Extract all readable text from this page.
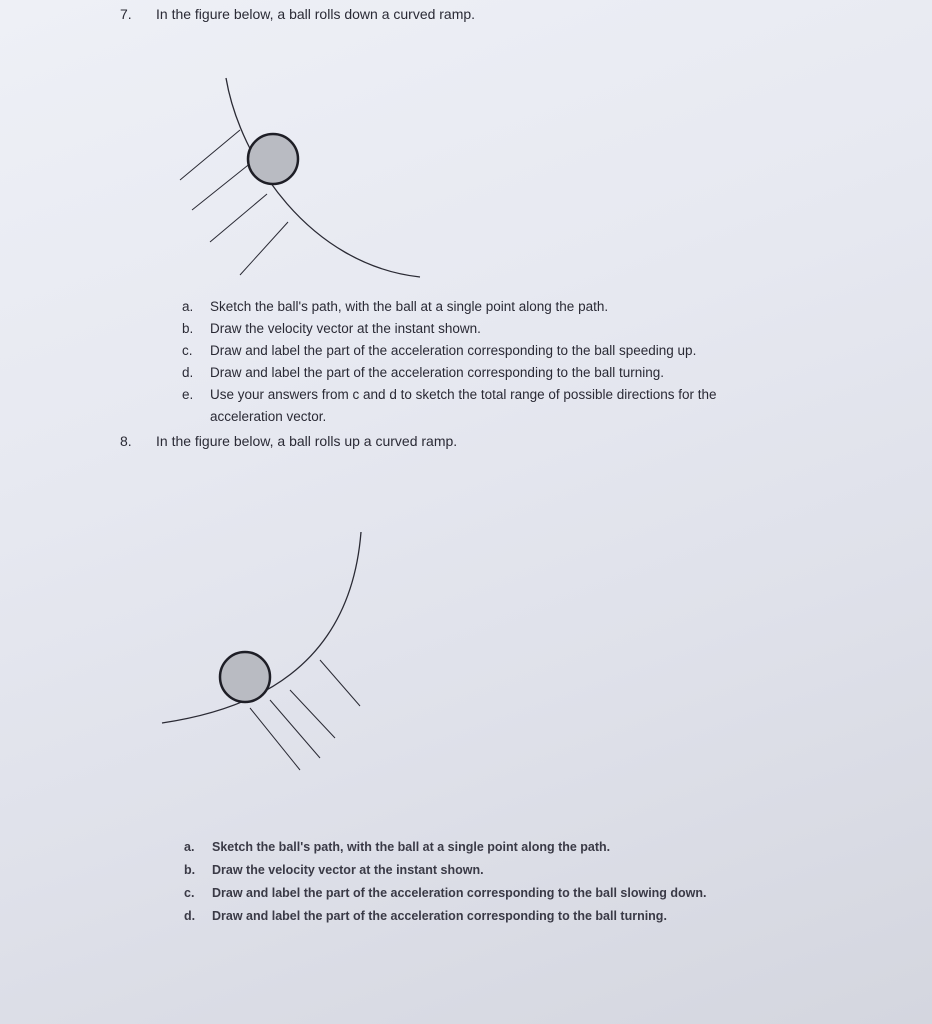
7. In the figure below, a ball rolls down a curved ramp.
a. Sketch the ball's path, with the ball at a single point along the path.
b. Draw the velocity vector at the instant shown.
c. Draw and label the part of the acceleration corresponding to the ball speeding up.
d. Draw and label the part of the acceleration corresponding to the ball turning.
e. Use your answers from c and d to sketch the total range of possible directions for the
acceleration vector.
8. In the figure below, a ball rolls up a curved ramp.
a. Sketch the ball's path, with the ball at a single point along the path.
b. Draw the velocity vector at the instant shown.
c. Draw and label the part of the acceleration corresponding to the ball slowing down.
d. Draw and label the part of the acceleration corresponding to the ball turning.
